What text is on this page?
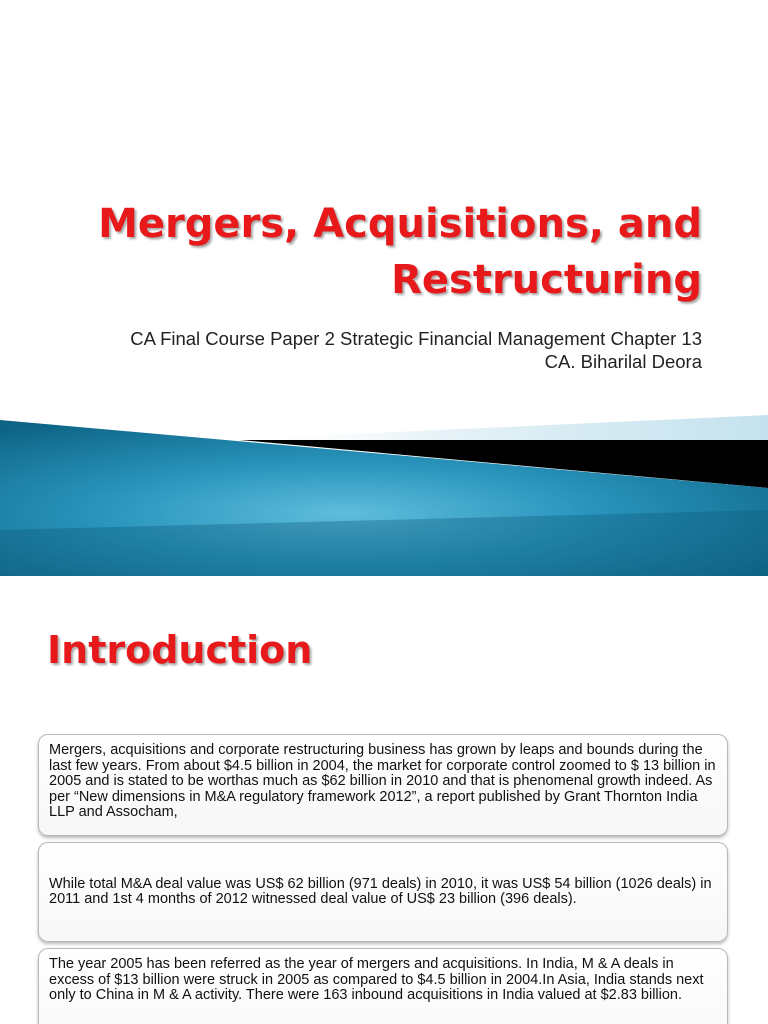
Mergers, Acquisitions, and
Restructuring
CA Final Course Paper 2 Strategic Financial Management Chapter 13
CA. Biharilal Deora
Introduction

Mergers, acquisitions and corporate restructuring business has grown by leaps and bounds during the last few years. From about $4.5 billion in 2004, the market for corporate control zoomed to $ 13 billion in 2005 and is stated to be worthas much as $62 billion in 2010 and that is phenomenal growth indeed. As per “New dimensions in M&A regulatory framework 2012”, a report published by Grant Thornton India LLP and Assocham,

While total M&A deal value was US$ 62 billion (971 deals) in 2010, it was US$ 54 billion (1026 deals) in 2011 and 1st 4 months of 2012 witnessed deal value of US$ 23 billion (396 deals).

The year 2005 has been referred as the year of mergers and acquisitions. In India, M & A deals in excess of $13 billion were struck in 2005 as compared to $4.5 billion in 2004.In Asia, India stands next only to China in M & A activity. There were 163 inbound acquisitions in India valued at $2.83 billion.
